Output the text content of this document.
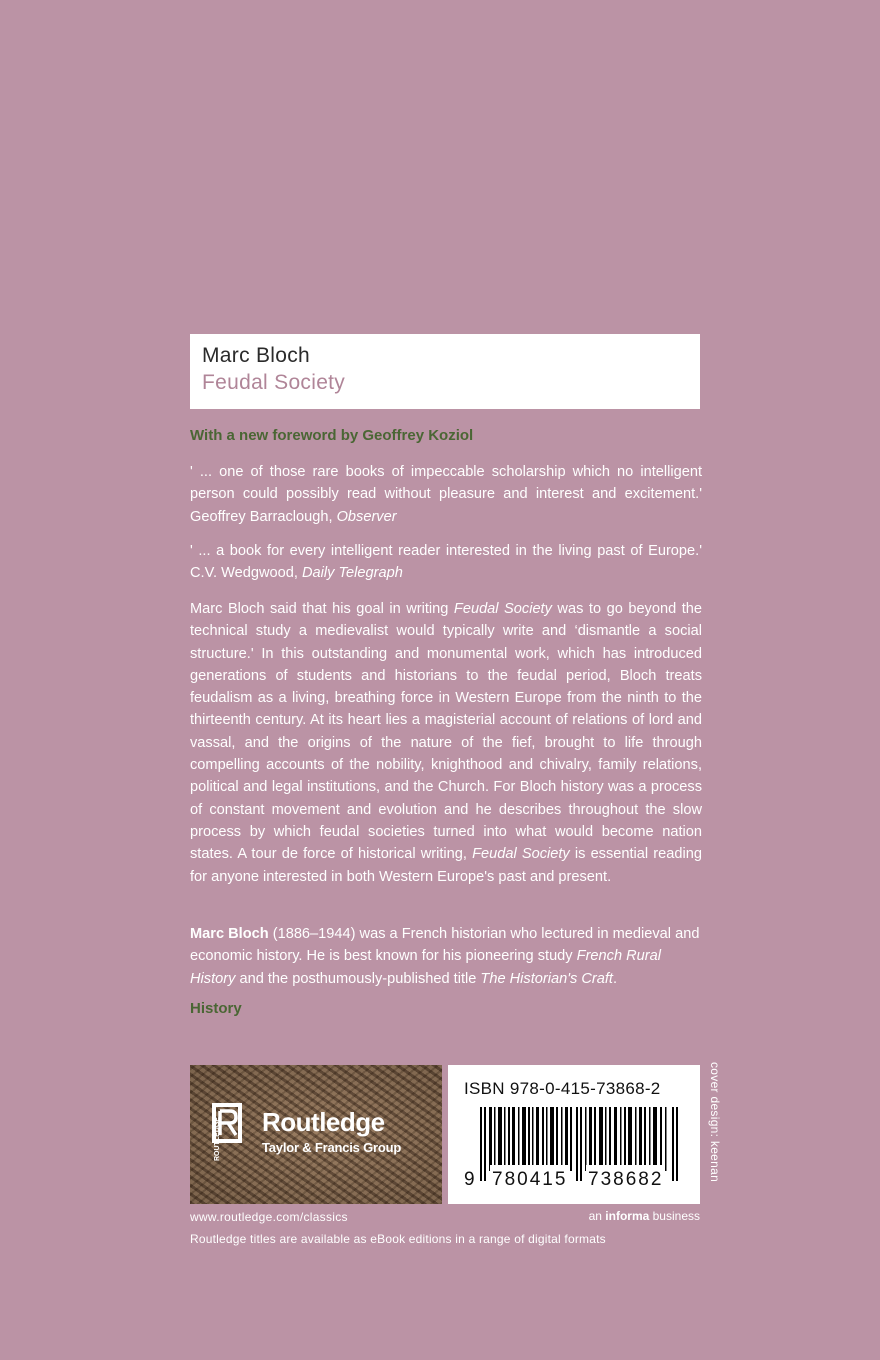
Marc Bloch
Feudal Society
With a new foreword by Geoffrey Koziol
' ... one of those rare books of impeccable scholarship which no intelligent person could possibly read without pleasure and interest and excitement.' Geoffrey Barraclough, Observer
' ... a book for every intelligent reader interested in the living past of Europe.' C.V. Wedgwood, Daily Telegraph
Marc Bloch said that his goal in writing Feudal Society was to go beyond the technical study a medievalist would typically write and ‘dismantle a social structure.' In this outstanding and monumental work, which has introduced generations of students and historians to the feudal period, Bloch treats feudalism as a living, breathing force in Western Europe from the ninth to the thirteenth century. At its heart lies a magisterial account of relations of lord and vassal, and the origins of the nature of the fief, brought to life through compelling accounts of the nobility, knighthood and chivalry, family relations, political and legal institutions, and the Church. For Bloch history was a process of constant movement and evolution and he describes throughout the slow process by which feudal societies turned into what would become nation states. A tour de force of historical writing, Feudal Society is essential reading for anyone interested in both Western Europe's past and present.
Marc Bloch (1886–1944) was a French historian who lectured in medieval and economic history. He is best known for his pioneering study French Rural History and the posthumously-published title The Historian's Craft.
History
ROUTLEDGE Routledge
Taylor & Francis Group
ISBN 978-0-415-73868-2
9 780415 738682	cover design: keenan
www.routledge.com/classics	an informa business
Routledge titles are available as eBook editions in a range of digital formats
